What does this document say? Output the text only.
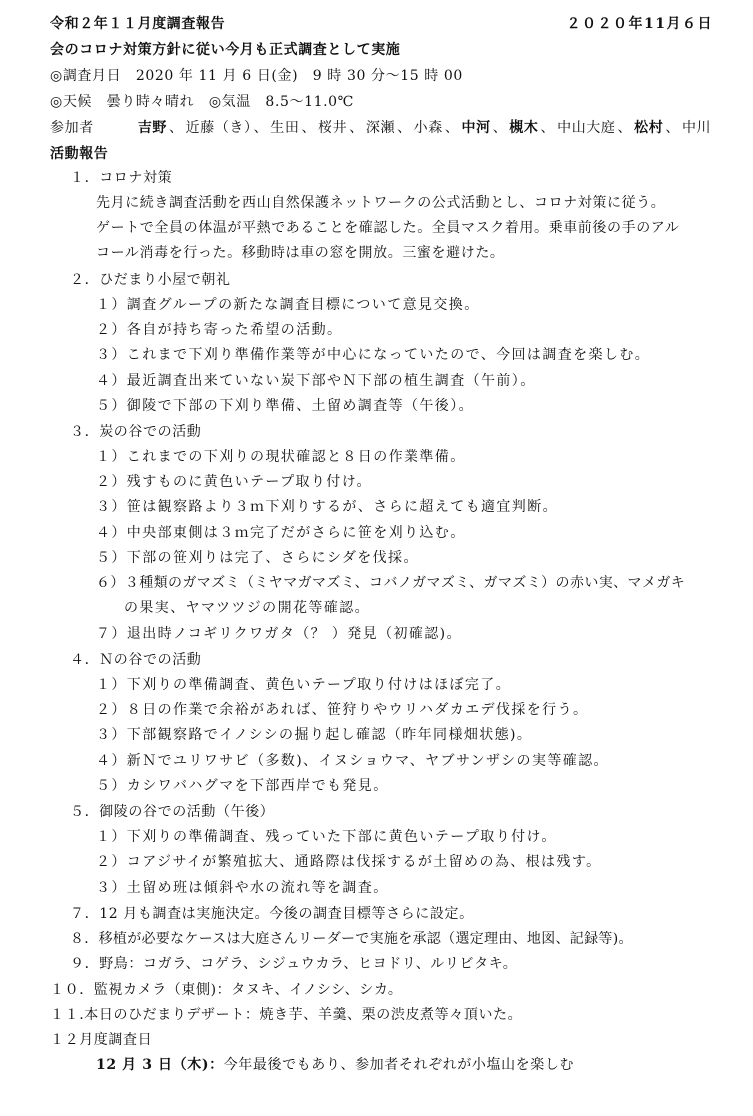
令和２年１１月度調査報告	２０２０年11月６日
会のコロナ対策方針に従い今月も正式調査として実施
◎調査月日　2020 年 11 月 6 日(金)　9 時 30 分～15 時 00
◎天候　曇り時々晴れ　◎気温　8.5～11.0℃
参加者	吉野 、 近藤（き） 、 生田 、 桜井 、 深瀬 、 小森 、 中河 、 槻木 、 中山大庭 、 松村 、 中川
活動報告
１．コロナ対策
先月に続き調査活動を西山自然保護ネットワークの公式活動とし、コロナ対策に従う。
ゲートで全員の体温が平熱であることを確認した。全員マスク着用。乗車前後の手のアル
コール消毒を行った。移動時は車の窓を開放。三蜜を避けた。
２．ひだまり小屋で朝礼
１）調査グループの新たな調査目標について意見交換。
２）各自が持ち寄った希望の活動。
３）これまで下刈り準備作業等が中心になっていたので、今回は調査を楽しむ。
４）最近調査出来ていない炭下部やＮ下部の植生調査（午前）。
５）御陵で下部の下刈り準備、土留め調査等（午後）。
３．炭の谷での活動
１）これまでの下刈りの現状確認と８日の作業準備。
２）残すものに黄色いテープ取り付け。
３）笹は観察路より３ｍ下刈りするが、さらに超えても適宜判断。
４）中央部東側は３ｍ完了だがさらに笹を刈り込む。
５）下部の笹刈りは完了、さらにシダを伐採。
６）３種類のガマズミ（ミヤマガマズミ、コバノガマズミ、ガマズミ）の赤い実、マメガキ
の果実、ヤマツツジの開花等確認。
７）退出時ノコギリクワガタ（？ ）発見（初確認)。
４．Ｎの谷での活動
１）下刈りの準備調査、黄色いテープ取り付けはほぼ完了。
２）８日の作業で余裕があれば、笹狩りやウリハダカエデ伐採を行う。
３）下部観察路でイノシシの掘り起し確認（昨年同様畑状態)。
４）新Ｎでユリワサビ（多数)、イヌショウマ、ヤブサンザシの実等確認。
５）カシワバハグマを下部西岸でも発見。
５．御陵の谷での活動（午後）
１）下刈りの準備調査、残っていた下部に黄色いテープ取り付け。
２）コアジサイが繁殖拡大、通路際は伐採するが土留めの為、根は残す。
３）土留め班は傾斜や水の流れ等を調査。
７．12 月も調査は実施決定。今後の調査目標等さらに設定。
８．移植が必要なケースは大庭さんリーダーで実施を承認（選定理由、地図、記録等)。
９．野鳥：コガラ、コゲラ、シジュウカラ、ヒヨドリ、ルリビタキ。
１０．監視カメラ（東側)：タヌキ、イノシシ、シカ。
１１.本日のひだまりデザート：焼き芋、羊羹、栗の渋皮煮等々頂いた。
１２月度調査日
12 月 3 日（木)：今年最後でもあり、参加者それぞれが小塩山を楽しむ
